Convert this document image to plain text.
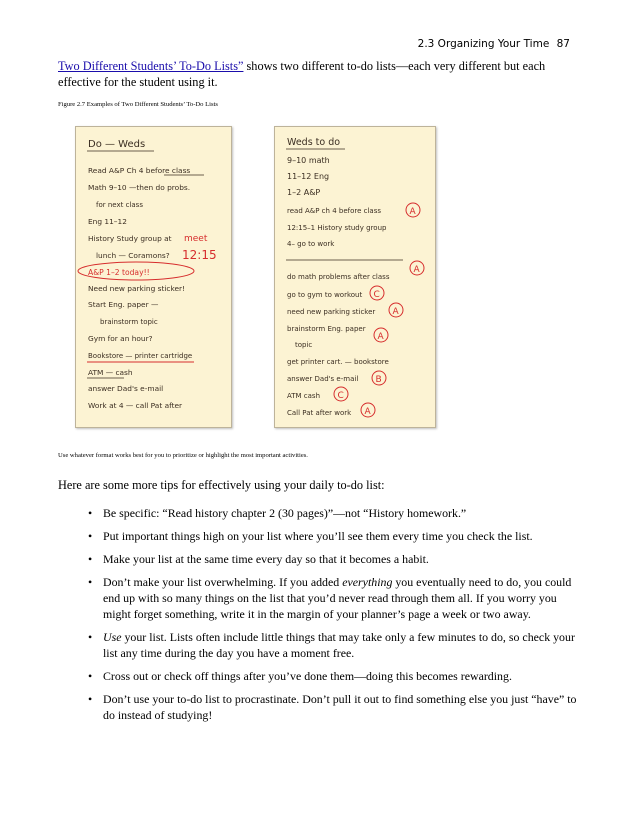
2.3 Organizing Your Time 87

Two Different Students’ To-Do Lists” shows two different to-do lists—each very different but each effective for the student using it.

Figure 2.7 Examples of Two Different Students’ To-Do Lists
Do — Weds
Read A&P Ch 4 before class
Math 9–10 —then do probs.
for next class
Eng 11–12
History Study group at meet
lunch — Coramons? 12:15
A&P 1–2 today!!
Need new parking sticker!
Start Eng. paper —
brainstorm topic
Gym for an hour?
Bookstore — printer cartridge
ATM — cash
answer Dad's e-mail
Work at 4 — call Pat after
Weds to do
9–10 math
11–12 Eng
1–2 A&P
read A&P ch 4 before class	A
12:15–1 History study group
4– go to work
do math problems after class
A
go to gym to workout C
need new parking sticker A
brainstorm Eng. paper
A
topic
get printer cart. — bookstore
answer Dad's e-mail B
ATM cash C
Call Pat after work A
Use whatever format works best for you to prioritize or highlight the most important activities.
Here are some more tips for effectively using your daily to-do list:
• Be specific: “Read history chapter 2 (30 pages)”—not “History homework.”
• Put important things high on your list where you’ll see them every time you check the list.
• Make your list at the same time every day so that it becomes a habit.
• Don’t make your list overwhelming. If you added everything you eventually need to do, you could end up with so many things on the list that you’d never read through them all. If you worry you might forget something, write it in the margin of your planner’s page a week or two away.
• Use your list. Lists often include little things that may take only a few minutes to do, so check your list any time during the day you have a moment free.
• Cross out or check off things after you’ve done them—doing this becomes rewarding.
• Don’t use your to-do list to procrastinate. Don’t pull it out to find something else you just “have” to do instead of studying!
